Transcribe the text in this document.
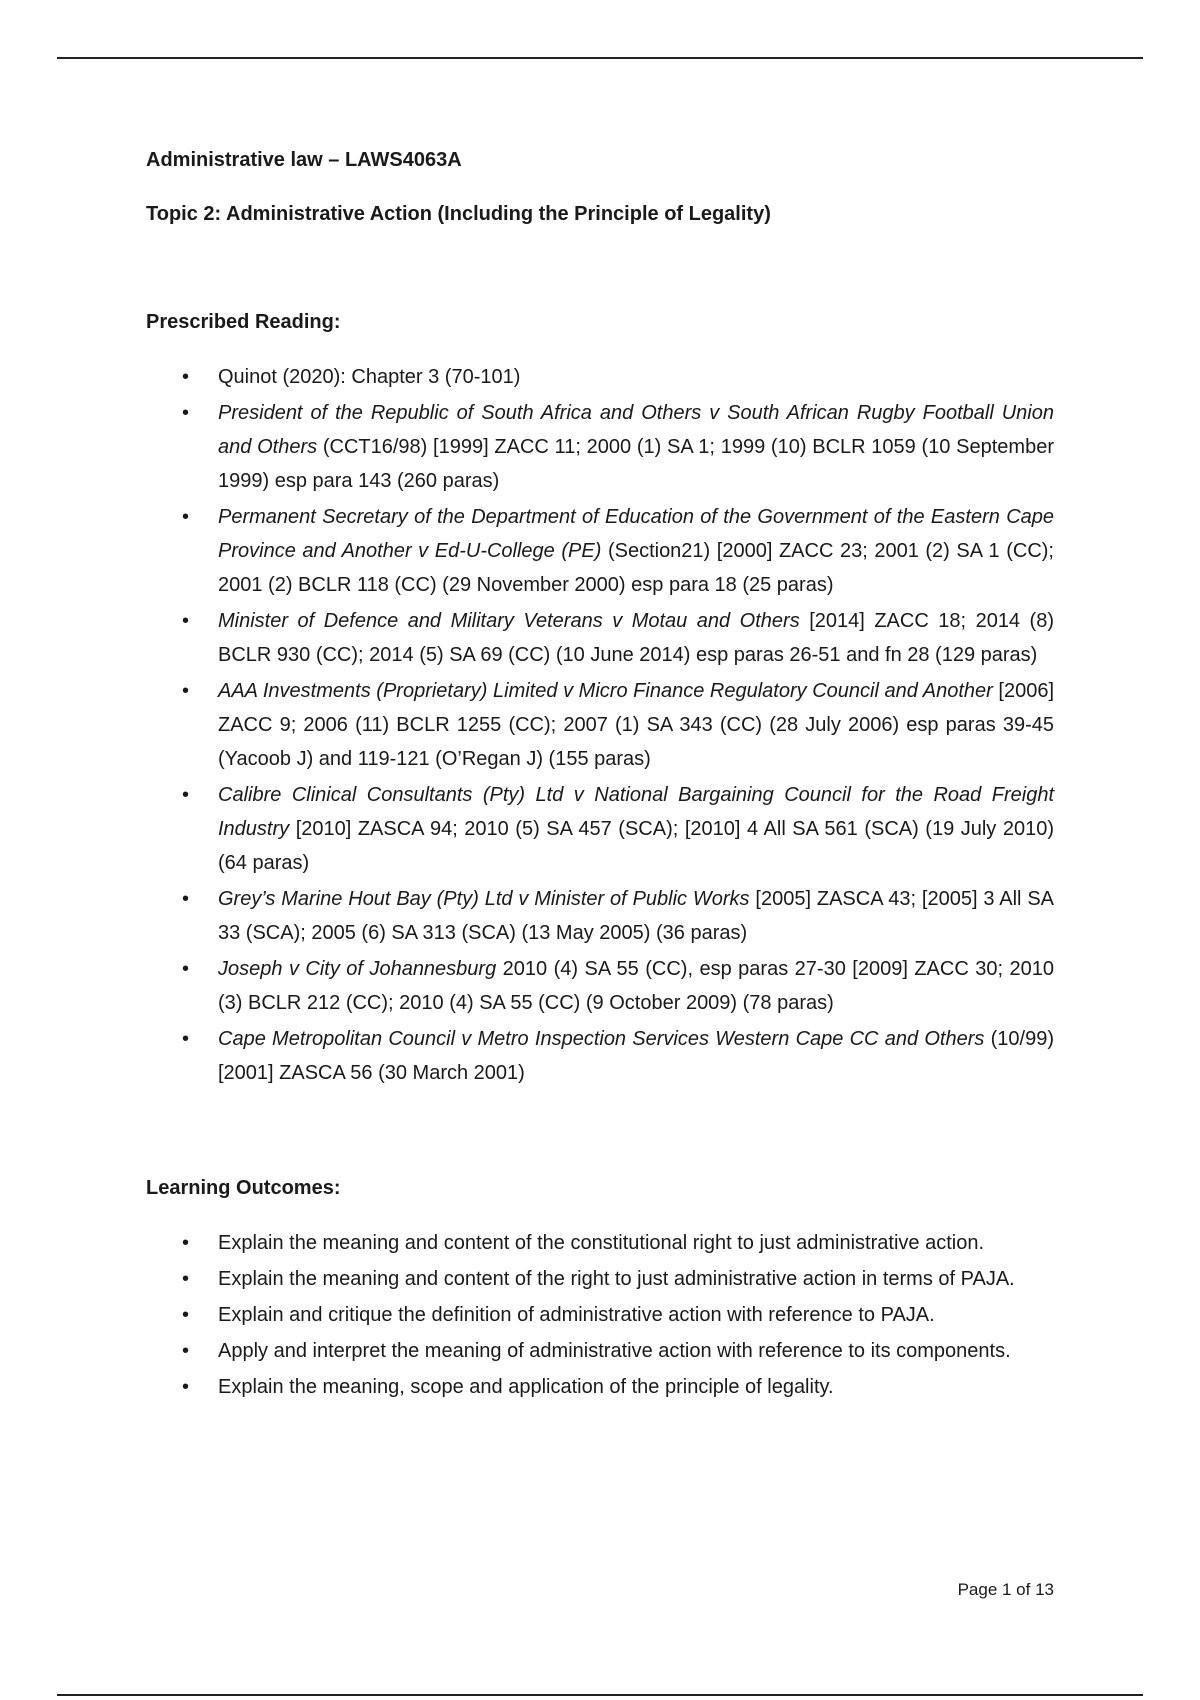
Administrative law – LAWS4063A

Topic 2: Administrative Action (Including the Principle of Legality)

Prescribed Reading:

• Quinot (2020): Chapter 3 (70-101)
• President of the Republic of South Africa and Others v South African Rugby Football Union and Others (CCT16/98) [1999] ZACC 11; 2000 (1) SA 1; 1999 (10) BCLR 1059 (10 September 1999) esp para 143 (260 paras)
• Permanent Secretary of the Department of Education of the Government of the Eastern Cape Province and Another v Ed-U-College (PE) (Section21) [2000] ZACC 23; 2001 (2) SA 1 (CC); 2001 (2) BCLR 118 (CC) (29 November 2000) esp para 18 (25 paras)
• Minister of Defence and Military Veterans v Motau and Others [2014] ZACC 18; 2014 (8) BCLR 930 (CC); 2014 (5) SA 69 (CC) (10 June 2014) esp paras 26-51 and fn 28 (129 paras)
• AAA Investments (Proprietary) Limited v Micro Finance Regulatory Council and Another [2006] ZACC 9; 2006 (11) BCLR 1255 (CC); 2007 (1) SA 343 (CC) (28 July 2006) esp paras 39-45 (Yacoob J) and 119-121 (O’Regan J) (155 paras)
• Calibre Clinical Consultants (Pty) Ltd v National Bargaining Council for the Road Freight Industry [2010] ZASCA 94; 2010 (5) SA 457 (SCA); [2010] 4 All SA 561 (SCA) (19 July 2010) (64 paras)
• Grey’s Marine Hout Bay (Pty) Ltd v Minister of Public Works [2005] ZASCA 43; [2005] 3 All SA 33 (SCA); 2005 (6) SA 313 (SCA) (13 May 2005) (36 paras)
• Joseph v City of Johannesburg 2010 (4) SA 55 (CC), esp paras 27-30 [2009] ZACC 30; 2010 (3) BCLR 212 (CC); 2010 (4) SA 55 (CC) (9 October 2009) (78 paras)
• Cape Metropolitan Council v Metro Inspection Services Western Cape CC and Others (10/99) [2001] ZASCA 56 (30 March 2001)

Learning Outcomes:

• Explain the meaning and content of the constitutional right to just administrative action.
• Explain the meaning and content of the right to just administrative action in terms of PAJA.
• Explain and critique the definition of administrative action with reference to PAJA.
• Apply and interpret the meaning of administrative action with reference to its components.
• Explain the meaning, scope and application of the principle of legality.
Page 1 of 13
